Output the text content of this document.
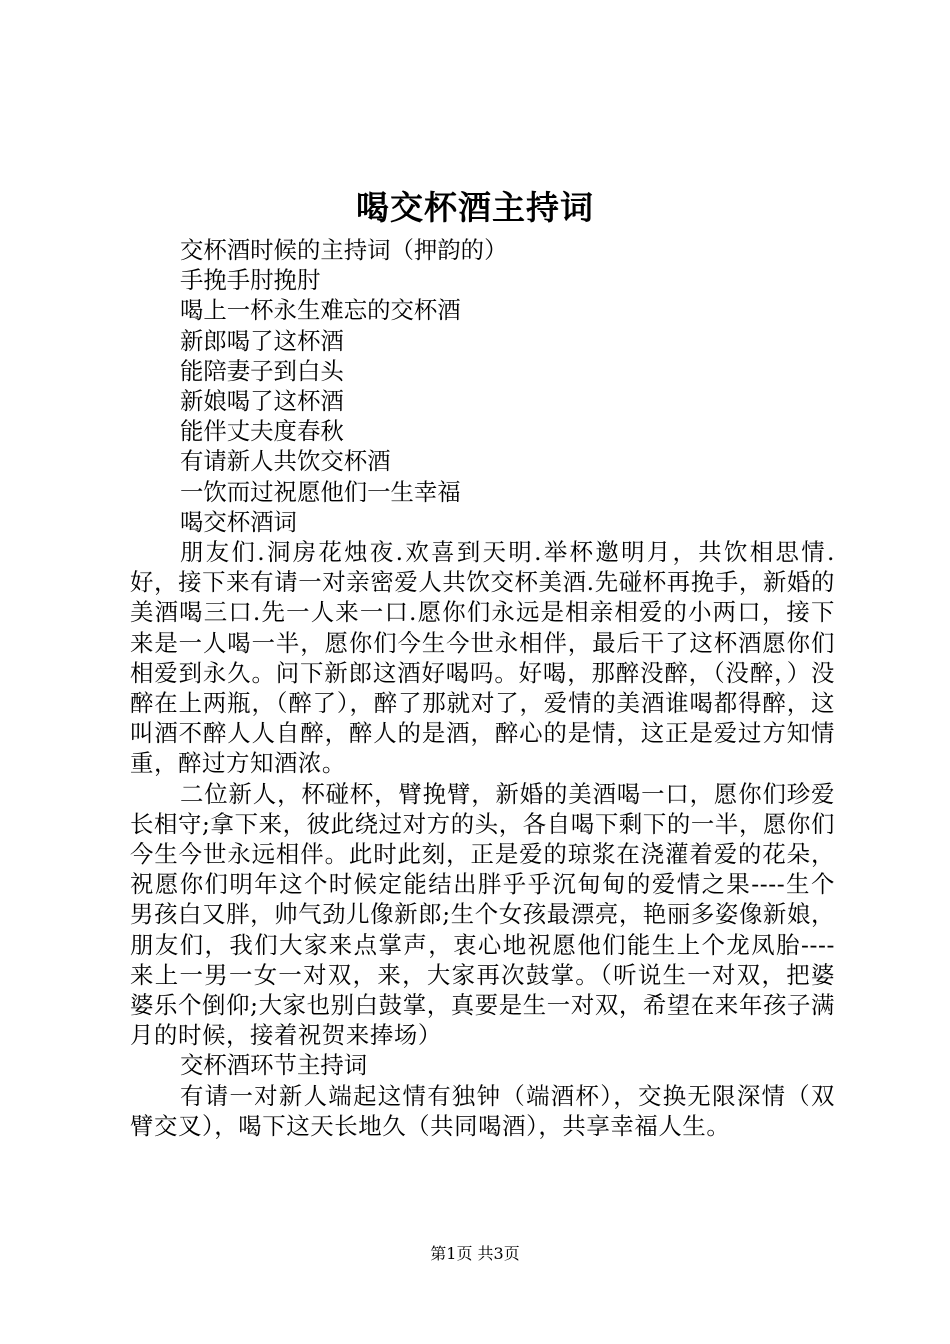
喝交杯酒主持词

交杯酒时候的主持词（押韵的）

手挽手肘挽肘

喝上一杯永生难忘的交杯酒

新郎喝了这杯酒

能陪妻子到白头

新娘喝了这杯酒

能伴丈夫度春秋

有请新人共饮交杯酒

一饮而过祝愿他们一生幸福

喝交杯酒词

朋友们.洞房花烛夜.欢喜到天明.举杯邀明月，共饮相思情.好，接下来有请一对亲密爱人共饮交杯美酒.先碰杯再挽手，新婚的美酒喝三口.先一人来一口.愿你们永远是相亲相爱的小两口，接下来是一人喝一半，愿你们今生今世永相伴，最后干了这杯酒愿你们相爱到永久。问下新郎这酒好喝吗。好喝，那醉没醉，（没醉，）没醉在上两瓶，（醉了），醉了那就对了，爱情的美酒谁喝都得醉，这叫酒不醉人人自醉，醉人的是酒，醉心的是情，这正是爱过方知情重，醉过方知酒浓。

二位新人，杯碰杯，臂挽臂，新婚的美酒喝一口，愿你们珍爱长相守;拿下来，彼此绕过对方的头，各自喝下剩下的一半，愿你们今生今世永远相伴。此时此刻，正是爱的琼浆在浇灌着爱的花朵，祝愿你们明年这个时候定能结出胖乎乎沉甸甸的爱情之果----生个男孩白又胖，帅气劲儿像新郎;生个女孩最漂亮，艳丽多姿像新娘，朋友们，我们大家来点掌声，衷心地祝愿他们能生上个龙凤胎----来上一男一女一对双，来，大家再次鼓掌。（听说生一对双，把婆婆乐个倒仰;大家也别白鼓掌，真要是生一对双，希望在来年孩子满月的时候，接着祝贺来捧场）

交杯酒环节主持词

有请一对新人端起这情有独钟（端酒杯），交换无限深情（双臂交叉），喝下这天长地久（共同喝酒），共享幸福人生。

第1页 共3页
